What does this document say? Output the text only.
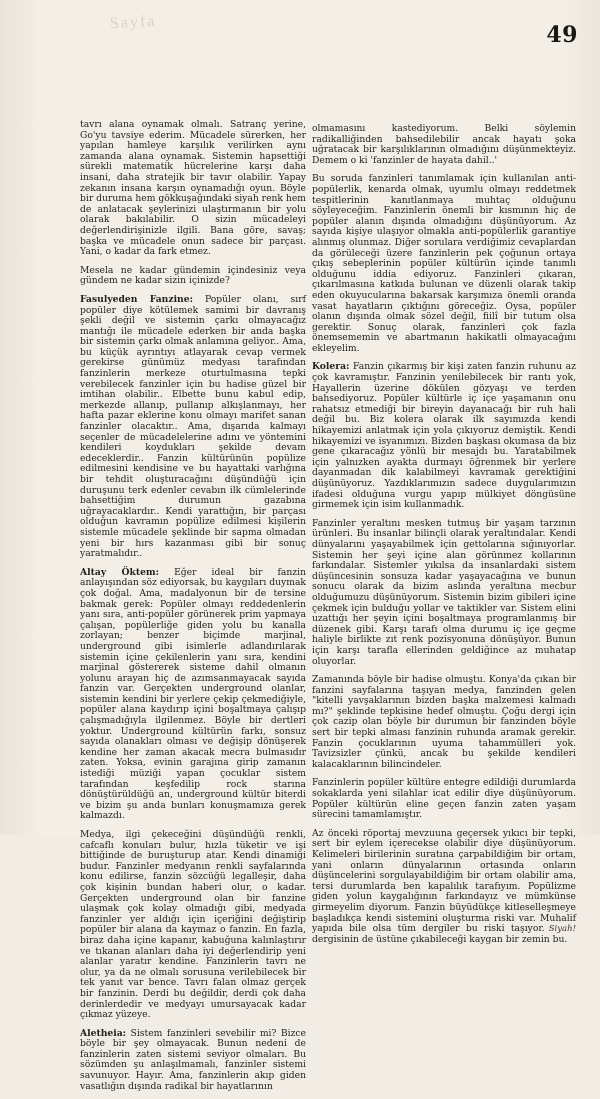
Sayfa	49

tavrı alana oynamak olmalı. Satranç yerine, Go'yu tavsiye ederim. Mücadele sürerken, her yapılan hamleye karşılık verilirken aynı zamanda alana oynamak. Sistemin hapsettiği sürekli matematik hücrelerine karşı daha insani, daha stratejik bir tavır olabilir. Yapay zekanın insana karşın oynamadığı oyun. Böyle bir duruma hem gökkuşağındaki siyah renk hem de anlatacak şeylerinizi ulaştırmanın bir yolu olarak bakılabilir. O sizin mücadeleyi değerlendirişinizle ilgili. Bana göre, savaş; başka ve mücadele onun sadece bir parçası. Yani, o kadar da fark etmez.

Mesela ne kadar gündemin içindesiniz veya gündem ne kadar sizin içinizde?

Fasulyeden Fanzine: Popüler olanı, sırf popüler diye kötülemek samimi bir davranış şekli değil ve sistemin çarkı olmayacağız mantığı ile mücadele ederken bir anda başka bir sistemin çarkı olmak anlamına geliyor.. Ama, bu küçük ayrıntıyı atlayarak cevap vermek gerekirse günümüz medyası tarafından fanzinlerin merkeze oturtulmasına tepki verebilecek fanzinler için bu hadise güzel bir imtihan olabilir.. Elbette bunu kabul edip, merkezde allanıp, pullanıp alkışlanmayı, her hafta pazar eklerine konu olmayı marifet sanan fanzinler olacaktır.. Ama, dışarıda kalmayı seçenler de mücadelelerine adını ve yöntemini kendileri koydukları şekilde devam edeceklerdir.. Fanzin kültürünün popülize edilmesini kendisine ve bu hayattaki varlığına bir tehdit oluşturacağını düşündüğü için duruşunu terk edenler cevabın ilk cümlelerinde bahsettiğim durumun gazabına uğrayacaklardır.. Kendi yarattığın, bir parçası olduğun kavramın popülize edilmesi kişilerin sistemle mücadele şeklinde bir sapma olmadan yeni bir hırs kazanması gibi bir sonuç yaratmalıdır..

Altay Öktem: Eğer ideal bir fanzin anlayışından söz ediyorsak, bu kaygıları duymak çok doğal. Ama, madalyonun bir de tersine bakmak gerek: Popüler olmayı reddedenlerin yanı sıra, anti-popüler görünerek prim yapmaya çalışan, popülerliğe giden yolu bu kanalla zorlayan; benzer biçimde marjinal, underground gibi isimlerle adlandırılarak sistemin içine çekilenlerin yanı sıra, kendini marjinal göstererek sisteme dahil olmanın yolunu arayan hiç de azımsanmayacak sayıda fanzin var. Gerçekten underground olanlar, sistemin kendini bir yerlere çekip çekmediğiyle, popüler alana kaydırıp içini boşaltmaya çalışıp çalışmadığıyla ilgilenmez. Böyle bir dertleri yoktur. Underground kültürün farkı, sonsuz sayıda olanakları olması ve değişip dönüşerek kendine her zaman akacak mecra bulmasıdır zaten. Yoksa, evinin garajına girip zamanın istediği müziği yapan çocuklar sistem tarafından keşfedilip rock starına dönüştürüldüğü an, underground kültür biterdi ve bizim şu anda bunları konuşmamıza gerek kalmazdı.

Medya, ilgi çekeceğini düşündüğü renkli, cafcaflı konuları bulur, hızla tüketir ve işi bittiğinde de buruşturup atar. Kendi dinamiği budur. Fanzinler medyanın renkli sayfalarında konu edilirse, fanzin sözcüğü legalleşir, daha çok kişinin bundan haberi olur, o kadar. Gerçekten underground olan bir fanzine ulaşmak çok kolay olmadığı gibi, medyada fanzinler yer aldığı için içeriğini değiştirip popüler bir alana da kaymaz o fanzin. En fazla, biraz daha içine kapanır, kabuğuna kalınlaştırır ve tıkanan alanları daha iyi değerlendirip yeni alanlar yaratır kendine. Fanzinlerin tavrı ne olur, ya da ne olmalı sorusuna verilebilecek bir tek yanıt var bence. Tavrı falan olmaz gerçek bir fanzinin. Derdi bu değildir, derdi çok daha derinlerdedir ve medyayı umursayacak kadar çıkmaz yüzeye.

Aletheia: Sistem fanzinleri sevebilir mi? Bizce böyle bir şey olmayacak. Bunun nedeni de fanzinlerin zaten sistemi seviyor olmaları. Bu sözümden şu anlaşılmamalı, fanzinler sistemi savunuyor. Hayır. Ama, fanzinlerin akıp giden vasatlığın dışında radikal bir hayatlarının

olmamasını kastediyorum. Belki söylemin radikalliğinden bahsedilebilir ancak hayatı şoka uğratacak bir karşılıklarının olmadığını düşünmekteyiz. Demem o ki 'fanzinler de hayata dahil..'

Bu soruda fanzinleri tanımlamak için kullanılan anti-popülerlik, kenarda olmak, uyumlu olmayı reddetmek tespitlerinin kanıtlanmaya muhtaç olduğunu söyleyeceğim. Fanzinlerin önemli bir kısmının hiç de popüler alanın dışında olmadığını düşünüyorum. Az sayıda kişiye ulaşıyor olmakla anti-popülerlik garantiye alınmış olunmaz. Diğer sorulara verdiğimiz cevaplardan da görüleceği üzere fanzinlerin pek çoğunun ortaya çıkış sebeplerinin popüler kültürün içinde tanımlı olduğunu iddia ediyoruz. Fanzinleri çıkaran, çıkarılmasına katkıda bulunan ve düzenli olarak takip eden okuyucularına bakarsak karşımıza önemli oranda vasat hayatların çıktığını göreceğiz. Oysa, popüler olanın dışında olmak sözel değil, fiilî bir tutum olsa gerektir. Sonuç olarak, fanzinleri çok fazla önemsememin ve abartmanın hakikatli olmayacağını ekleyelim.

Kolera: Fanzin çıkarmış bir kişi zaten fanzin ruhunu az çok kavramıştır. Fanzinin yenilebilecek bir rantı yok, Hayallerin üzerine dökülen gözyaşı ve terden bahsediyoruz. Popüler kültürle iç içe yaşamanın onu rahatsız etmediği bir bireyin dayanacağı bir ruh hali değil bu. Biz kolera olarak ilk sayımızda kendi hikayemizi anlatmak için yola çıkıyoruz demiştik. Kendi hikayemizi ve isyanımızı. Bizden başkası okumasa da biz gene çıkaracağız yönlü bir mesajdı bu. Yaratabilmek için yalnızken ayakta durmayı öğrenmek bir yerlere dayanmadan dik kalabilmeyi kavramak gerektiğini düşünüyoruz. Yazdıklarımızın sadece duygularımızın ifadesi olduğuna vurgu yapıp mülkiyet döngüsüne girmemek için isim kullanmadık.

Fanzinler yeraltını mesken tutmuş bir yaşam tarzının ürünleri. Bu insanlar bilinçli olarak yeraltındalar. Kendi dünyalarını yaşayabilmek için gettolarına sığınıyorlar. Sistemin her şeyi içine alan görünmez kollarının farkındalar. Sistemler yıkılsa da insanlardaki sistem düşüncesinin sonsuza kadar yaşayacağına ve bunun sonucu olarak da bizim aslında yeraltına mecbur olduğumuzu düşünüyorum. Sistemin bizim gibileri içine çekmek için bulduğu yollar ve taktikler var. Sistem elini uzattığı her şeyin içini boşaltmaya programlanmış bir düzenek gibi. Karşı tarafı olma durumu iç içe geçme haliyle birlikte zıt renk pozisyonuna dönüşüyor. Bunun için karşı tarafla ellerinden geldiğince az muhatap oluyorlar.

Zamanında böyle bir hadise olmuştu. Konya'da çıkan bir fanzini sayfalarına taşıyan medya, fanzinden gelen "kitelli yavşaklarının bizden başka malzemesi kalmadı mı?" şeklinde tepkisine hedef olmuştu. Çoğu dergi için çok cazip olan böyle bir durumun bir fanzinden böyle sert bir tepki alması fanzinin ruhunda aramak gerekir. Fanzin çocuklarının uyuma tahammülleri yok. Tavizsizler çünkü, ancak bu şekilde kendileri kalacaklarının bilincindeler.

Fanzinlerin popüler kültüre entegre edildiği durumlarda sokaklarda yeni silahlar icat edilir diye düşünüyorum. Popüler kültürün eline geçen fanzin zaten yaşam sürecini tamamlamıştır.

Az önceki röportaj mevzuuna geçersek yıkıcı bir tepki, sert bir eylem içerecekse olabilir diye düşünüyorum. Kelimeleri birilerinin suratına çarpabildiğim bir ortam, yani onların dünyalarının ortasında onların düşüncelerini sorgulayabildiğim bir ortam olabilir ama, tersi durumlarda ben kapalılık tarafıyım. Popülizme giden yolun kaygalığının farkındayız ve mümkünse girmeyelim diyorum. Fanzin büyüdükçe kitleselleşmeye başladıkça kendi sistemini oluşturma riski var. Muhalif yapıda bile olsa tüm dergiler bu riski taşıyor. Siyah! dergisinin de üstüne çıkabileceği kaygan bir zemin bu.
